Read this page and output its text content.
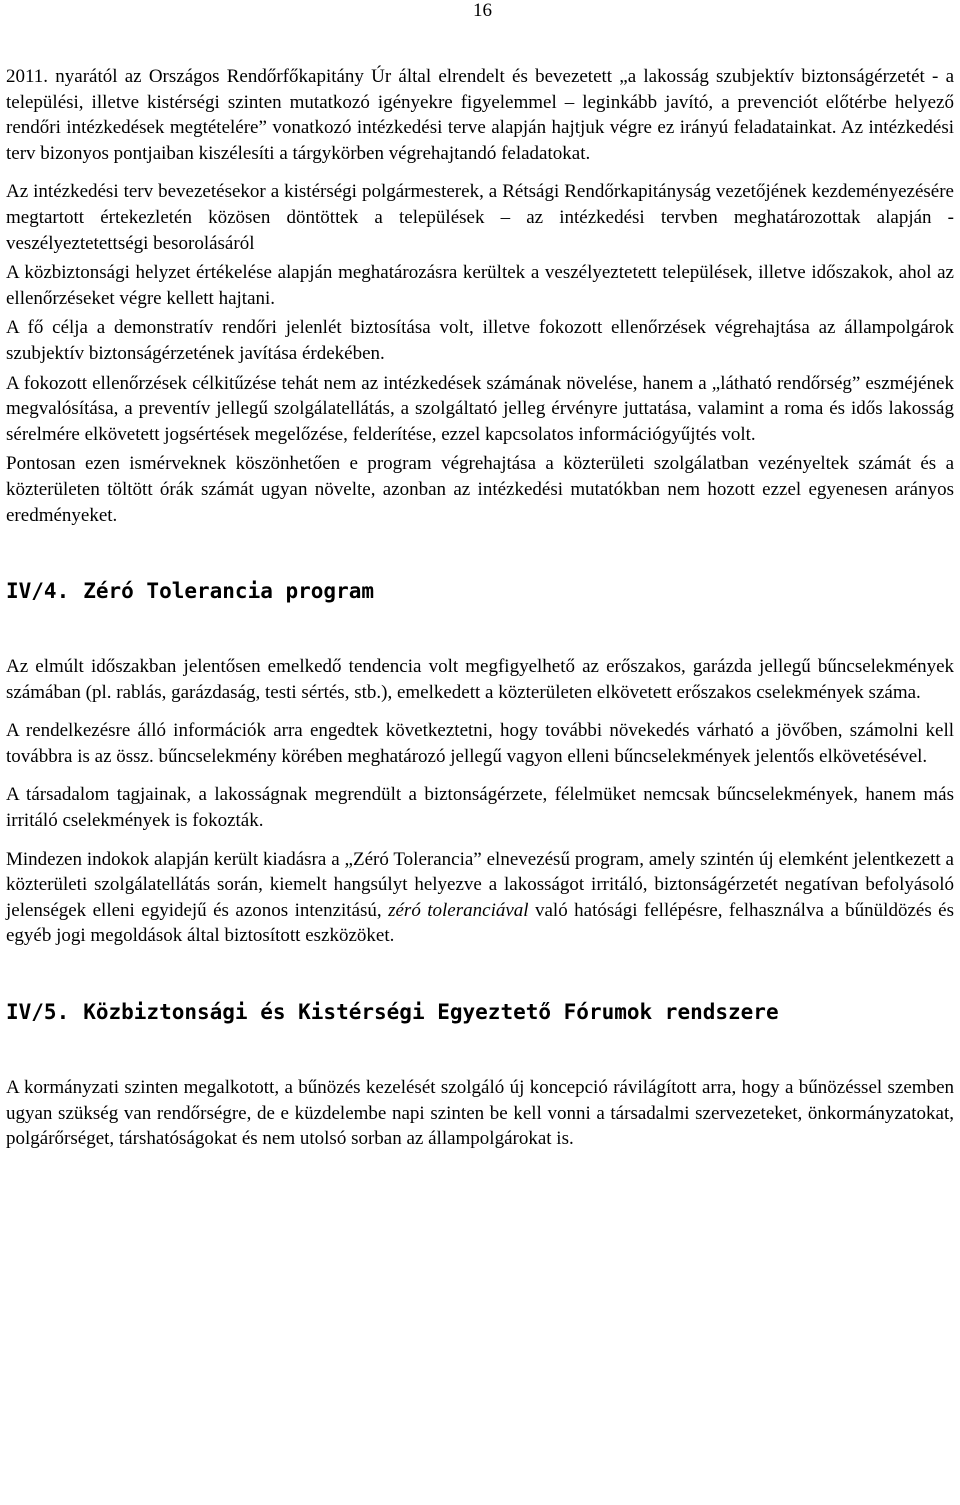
16

2011. nyarától az Országos Rendőrfőkapitány Úr által elrendelt és bevezetett „a lakosság szubjektív biztonságérzetét - a települési, illetve kistérségi szinten mutatkozó igényekre figyelemmel – leginkább javító, a prevenciót előtérbe helyező rendőri intézkedések megtételére” vonatkozó intézkedési terve alapján hajtjuk végre ez irányú feladatainkat. Az intézkedési terv bizonyos pontjaiban kiszélesíti a tárgykörben végrehajtandó feladatokat.

Az intézkedési terv bevezetésekor a kistérségi polgármesterek, a Rétsági Rendőrkapitányság vezetőjének kezdeményezésére megtartott értekezletén közösen döntöttek a települések – az intézkedési tervben meghatározottak alapján - veszélyeztetettségi besorolásáról

A közbiztonsági helyzet értékelése alapján meghatározásra kerültek a veszélyeztetett települések, illetve időszakok, ahol az ellenőrzéseket végre kellett hajtani.

A fő célja a demonstratív rendőri jelenlét biztosítása volt, illetve fokozott ellenőrzések végrehajtása az állampolgárok szubjektív biztonságérzetének javítása érdekében.

A fokozott ellenőrzések célkitűzése tehát nem az intézkedések számának növelése, hanem a „látható rendőrség” eszméjének megvalósítása, a preventív jellegű szolgálatellátás, a szolgáltató jelleg érvényre juttatása, valamint a roma és idős lakosság sérelmére elkövetett jogsértések megelőzése, felderítése, ezzel kapcsolatos információgyűjtés volt.

Pontosan ezen ismérveknek köszönhetően e program végrehajtása a közterületi szolgálatban vezényeltek számát és a közterületen töltött órák számát ugyan növelte, azonban az intézkedési mutatókban nem hozott ezzel egyenesen arányos eredményeket.

IV/4. Zéró Tolerancia program

Az elmúlt időszakban jelentősen emelkedő tendencia volt megfigyelhető az erőszakos, garázda jellegű bűncselekmények számában (pl. rablás, garázdaság, testi sértés, stb.), emelkedett a közterületen elkövetett erőszakos cselekmények száma.

A rendelkezésre álló információk arra engedtek következtetni, hogy további növekedés várható a jövőben, számolni kell továbbra is az össz. bűncselekmény körében meghatározó jellegű vagyon elleni bűncselekmények jelentős elkövetésével.

A társadalom tagjainak, a lakosságnak megrendült a biztonságérzete, félelmüket nemcsak bűncselekmények, hanem más irritáló cselekmények is fokozták.

Mindezen indokok alapján került kiadásra a „Zéró Tolerancia” elnevezésű program, amely szintén új elemként jelentkezett a közterületi szolgálatellátás során, kiemelt hangsúlyt helyezve a lakosságot irritáló, biztonságérzetét negatívan befolyásoló jelenségek elleni egyidejű és azonos intenzitású, zéró toleranciával való hatósági fellépésre, felhasználva a bűnüldözés és egyéb jogi megoldások által biztosított eszközöket.

IV/5. Közbiztonsági és Kistérségi Egyeztető Fórumok rendszere

A kormányzati szinten megalkotott, a bűnözés kezelését szolgáló új koncepció rávilágított arra, hogy a bűnözéssel szemben ugyan szükség van rendőrségre, de e küzdelembe napi szinten be kell vonni a társadalmi szervezeteket, önkormányzatokat, polgárőrséget, társhatóságokat és nem utolsó sorban az állampolgárokat is.
